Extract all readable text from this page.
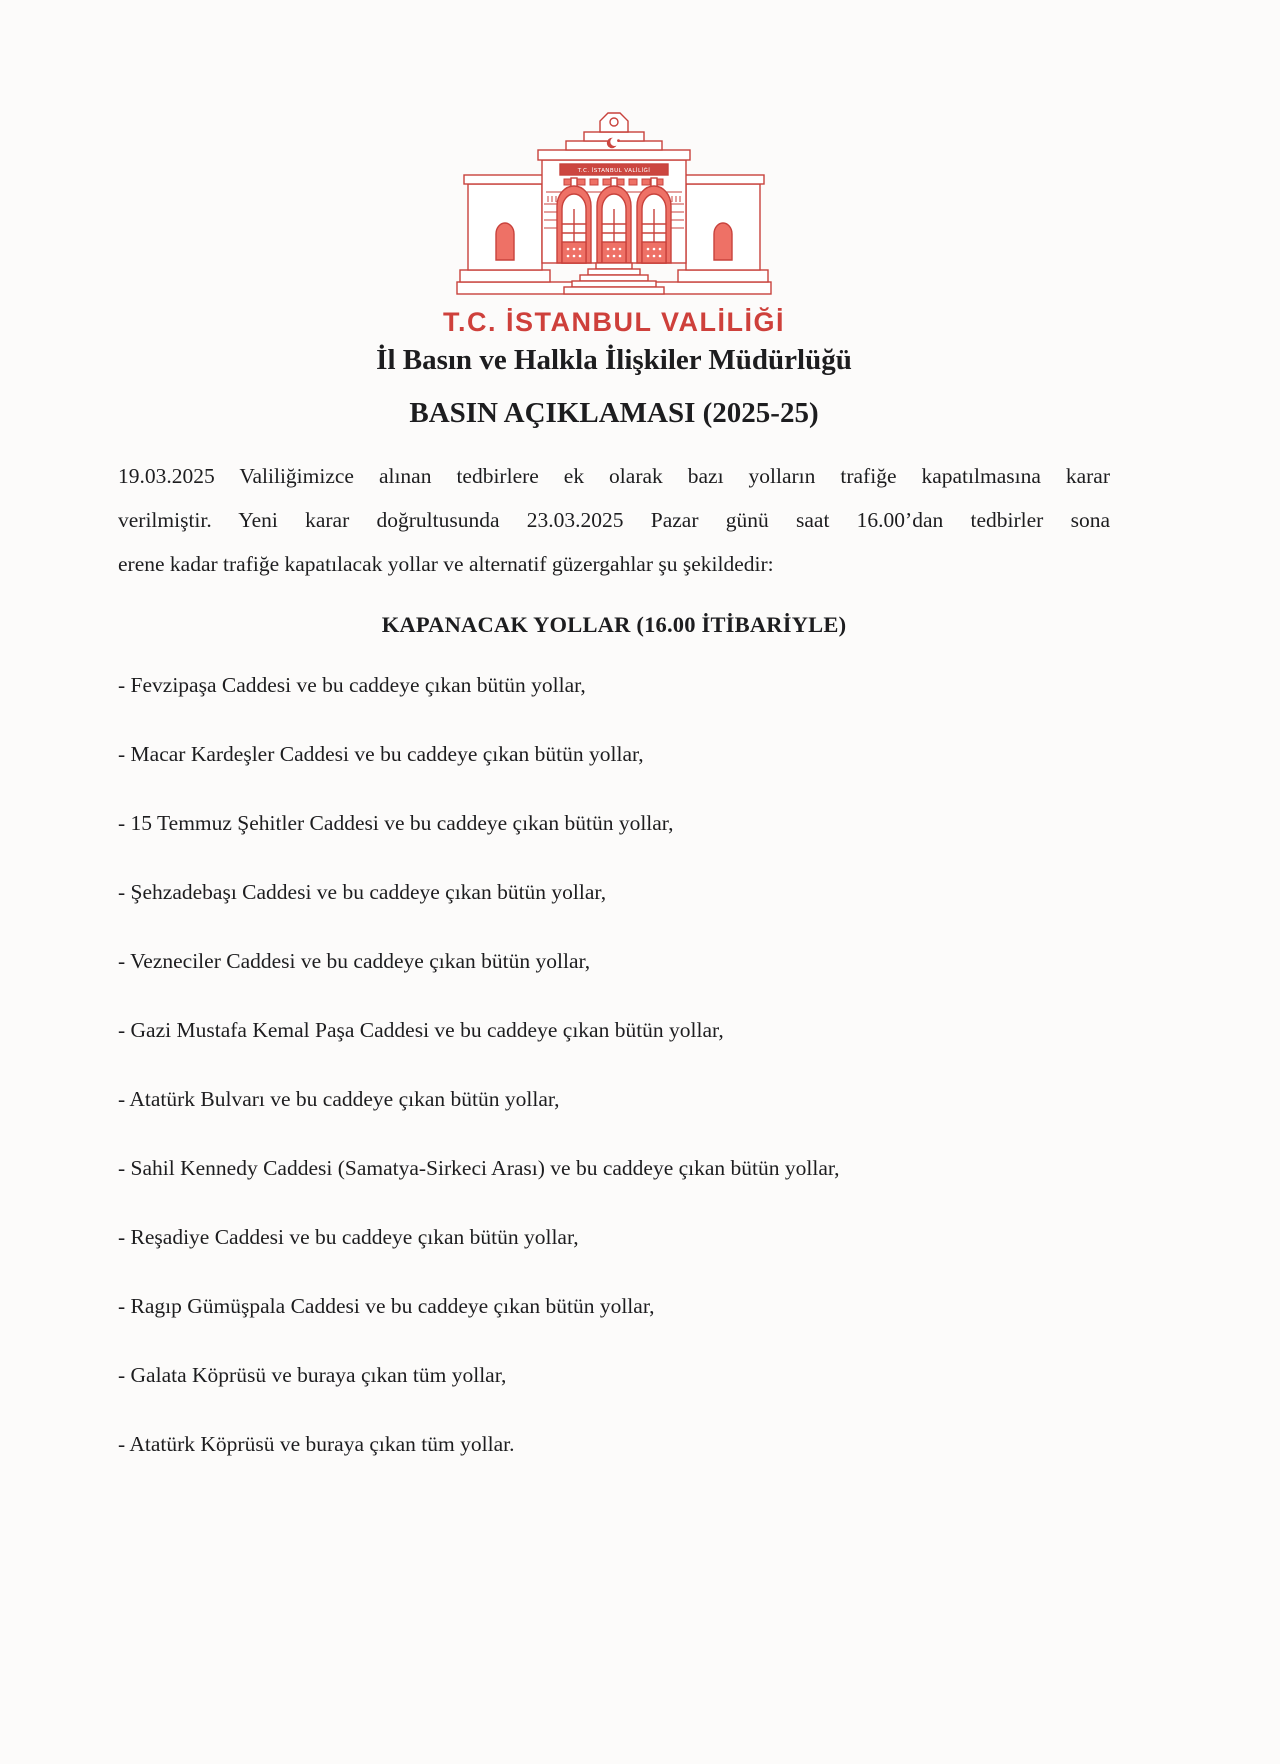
T.C. İSTANBUL VALİLİĞİ
T.C. İSTANBUL VALİLİĞİ
İl Basın ve Halkla İlişkiler Müdürlüğü
BASIN AÇIKLAMASI (2025-25)
19.03.2025 Valiliğimizce alınan tedbirlere ek olarak bazı yolların trafiğe kapatılmasına karar
verilmiştir. Yeni karar doğrultusunda 23.03.2025 Pazar günü saat 16.00’dan tedbirler sona
erene kadar trafiğe kapatılacak yollar ve alternatif güzergahlar şu şekildedir:
KAPANACAK YOLLAR (16.00 İTİBARİYLE)
- Fevzipaşa Caddesi ve bu caddeye çıkan bütün yollar,
- Macar Kardeşler Caddesi ve bu caddeye çıkan bütün yollar,
- 15 Temmuz Şehitler Caddesi ve bu caddeye çıkan bütün yollar,
- Şehzadebaşı Caddesi ve bu caddeye çıkan bütün yollar,
- Vezneciler Caddesi ve bu caddeye çıkan bütün yollar,
- Gazi Mustafa Kemal Paşa Caddesi ve bu caddeye çıkan bütün yollar,
- Atatürk Bulvarı ve bu caddeye çıkan bütün yollar,
- Sahil Kennedy Caddesi (Samatya-Sirkeci Arası) ve bu caddeye çıkan bütün yollar,
- Reşadiye Caddesi ve bu caddeye çıkan bütün yollar,
- Ragıp Gümüşpala Caddesi ve bu caddeye çıkan bütün yollar,
- Galata Köprüsü ve buraya çıkan tüm yollar,
- Atatürk Köprüsü ve buraya çıkan tüm yollar.
